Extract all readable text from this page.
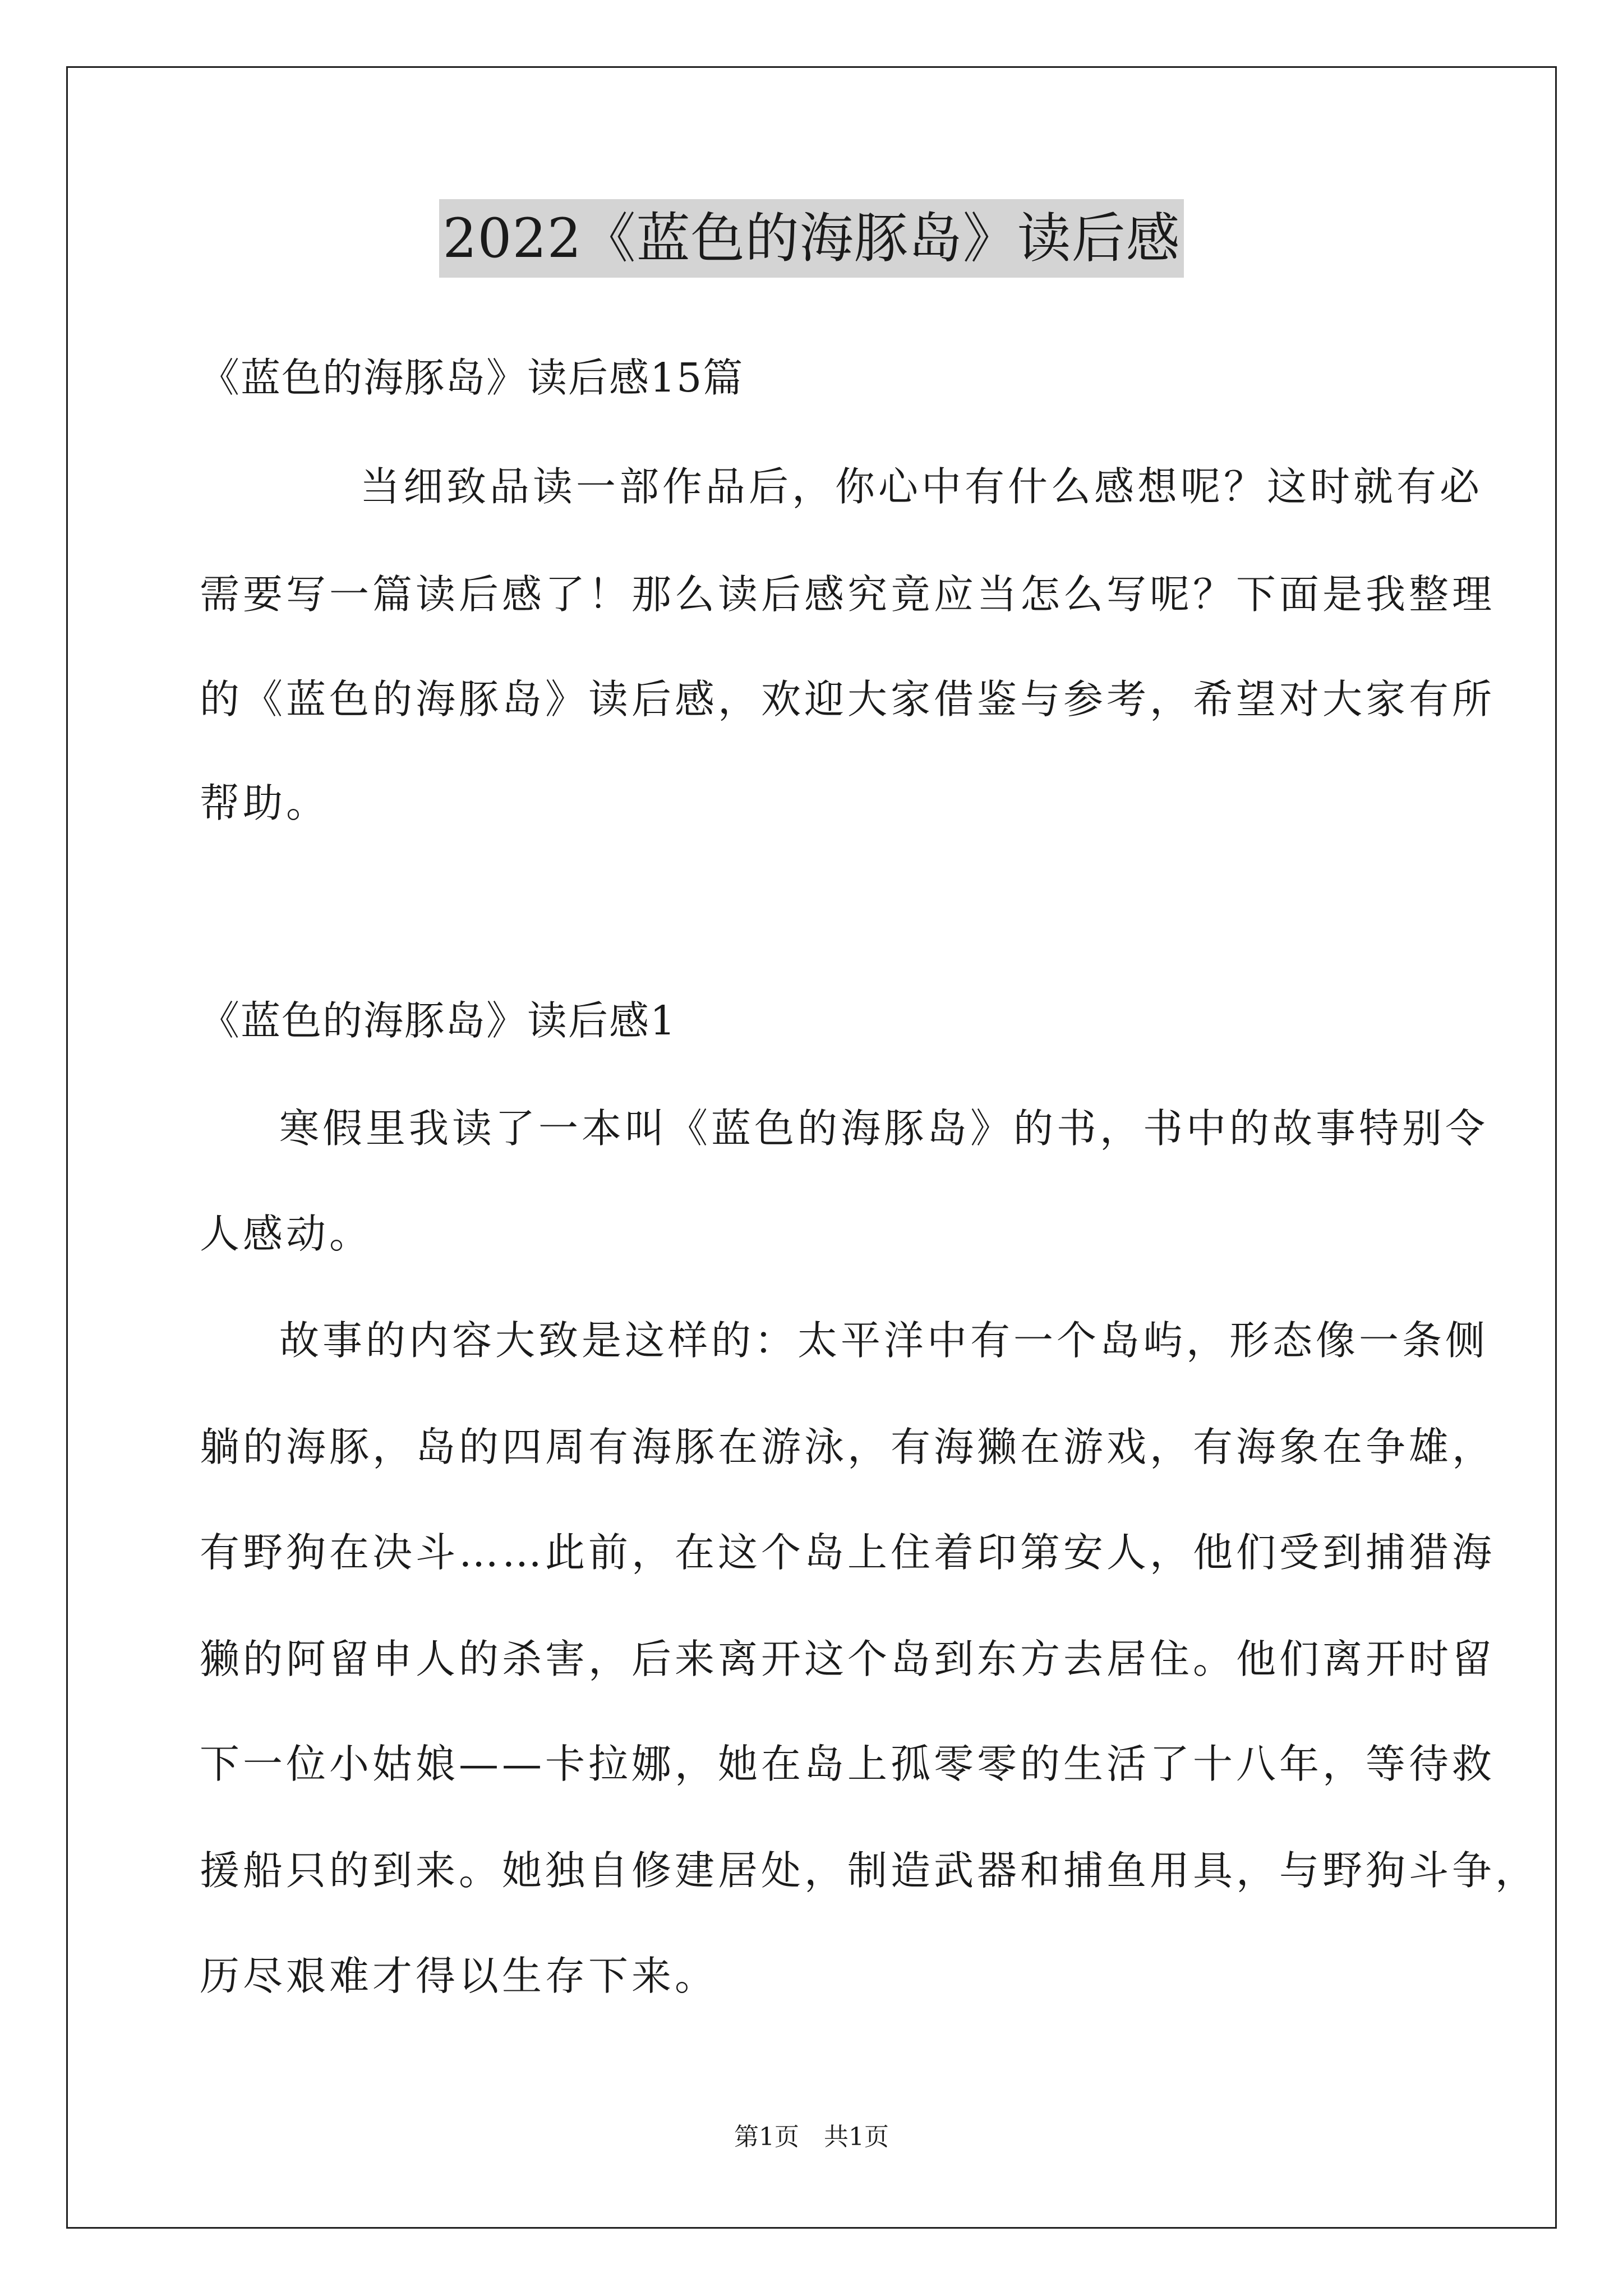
2022《蓝色的海豚岛》读后感
《蓝色的海豚岛》读后感15篇
当细致品读一部作品后，你心中有什么感想呢？这时就有必
需要写一篇读后感了！那么读后感究竟应当怎么写呢？下面是我整理
的《蓝色的海豚岛》读后感，欢迎大家借鉴与参考，希望对大家有所
帮助。
《蓝色的海豚岛》读后感1
寒假里我读了一本叫《蓝色的海豚岛》的书，书中的故事特别令
人感动。
故事的内容大致是这样的：太平洋中有一个岛屿，形态像一条侧
躺的海豚，岛的四周有海豚在游泳，有海獭在游戏，有海象在争雄，
有野狗在决斗……此前，在这个岛上住着印第安人，他们受到捕猎海
獭的阿留申人的杀害，后来离开这个岛到东方去居住。他们离开时留
下一位小姑娘——卡拉娜，她在岛上孤零零的生活了十八年，等待救
援船只的到来。她独自修建居处，制造武器和捕鱼用具，与野狗斗争，
历尽艰难才得以生存下来。
第1页　共1页
